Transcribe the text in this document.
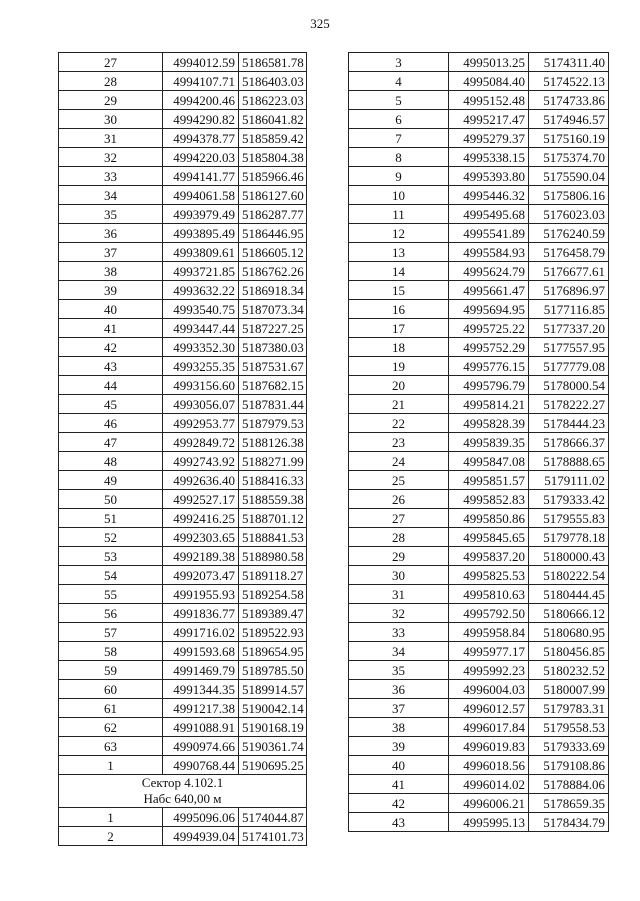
325
27	4994012.59	5186581.78
28	4994107.71	5186403.03
29	4994200.46	5186223.03
30	4994290.82	5186041.82
31	4994378.77	5185859.42
32	4994220.03	5185804.38
33	4994141.77	5185966.46
34	4994061.58	5186127.60
35	4993979.49	5186287.77
36	4993895.49	5186446.95
37	4993809.61	5186605.12
38	4993721.85	5186762.26
39	4993632.22	5186918.34
40	4993540.75	5187073.34
41	4993447.44	5187227.25
42	4993352.30	5187380.03
43	4993255.35	5187531.67
44	4993156.60	5187682.15
45	4993056.07	5187831.44
46	4992953.77	5187979.53
47	4992849.72	5188126.38
48	4992743.92	5188271.99
49	4992636.40	5188416.33
50	4992527.17	5188559.38
51	4992416.25	5188701.12
52	4992303.65	5188841.53
53	4992189.38	5188980.58
54	4992073.47	5189118.27
55	4991955.93	5189254.58
56	4991836.77	5189389.47
57	4991716.02	5189522.93
58	4991593.68	5189654.95
59	4991469.79	5189785.50
60	4991344.35	5189914.57
61	4991217.38	5190042.14
62	4991088.91	5190168.19
63	4990974.66	5190361.74
1	4990768.44	5190695.25

Сектор 4.102.1
Набс 640,00 м		

1	4995096.06	5174044.87
2	4994939.04	5174101.73
3	4995013.25	5174311.40
4	4995084.40	5174522.13
5	4995152.48	5174733.86
6	4995217.47	5174946.57
7	4995279.37	5175160.19
8	4995338.15	5175374.70
9	4995393.80	5175590.04
10	4995446.32	5175806.16
11	4995495.68	5176023.03
12	4995541.89	5176240.59
13	4995584.93	5176458.79
14	4995624.79	5176677.61
15	4995661.47	5176896.97
16	4995694.95	5177116.85
17	4995725.22	5177337.20
18	4995752.29	5177557.95
19	4995776.15	5177779.08
20	4995796.79	5178000.54
21	4995814.21	5178222.27
22	4995828.39	5178444.23
23	4995839.35	5178666.37
24	4995847.08	5178888.65
25	4995851.57	5179111.02
26	4995852.83	5179333.42
27	4995850.86	5179555.83
28	4995845.65	5179778.18
29	4995837.20	5180000.43
30	4995825.53	5180222.54
31	4995810.63	5180444.45
32	4995792.50	5180666.12
33	4995958.84	5180680.95
34	4995977.17	5180456.85
35	4995992.23	5180232.52
36	4996004.03	5180007.99
37	4996012.57	5179783.31
38	4996017.84	5179558.53
39	4996019.83	5179333.69
40	4996018.56	5179108.86
41	4996014.02	5178884.06
42	4996006.21	5178659.35
43	4995995.13	5178434.79
